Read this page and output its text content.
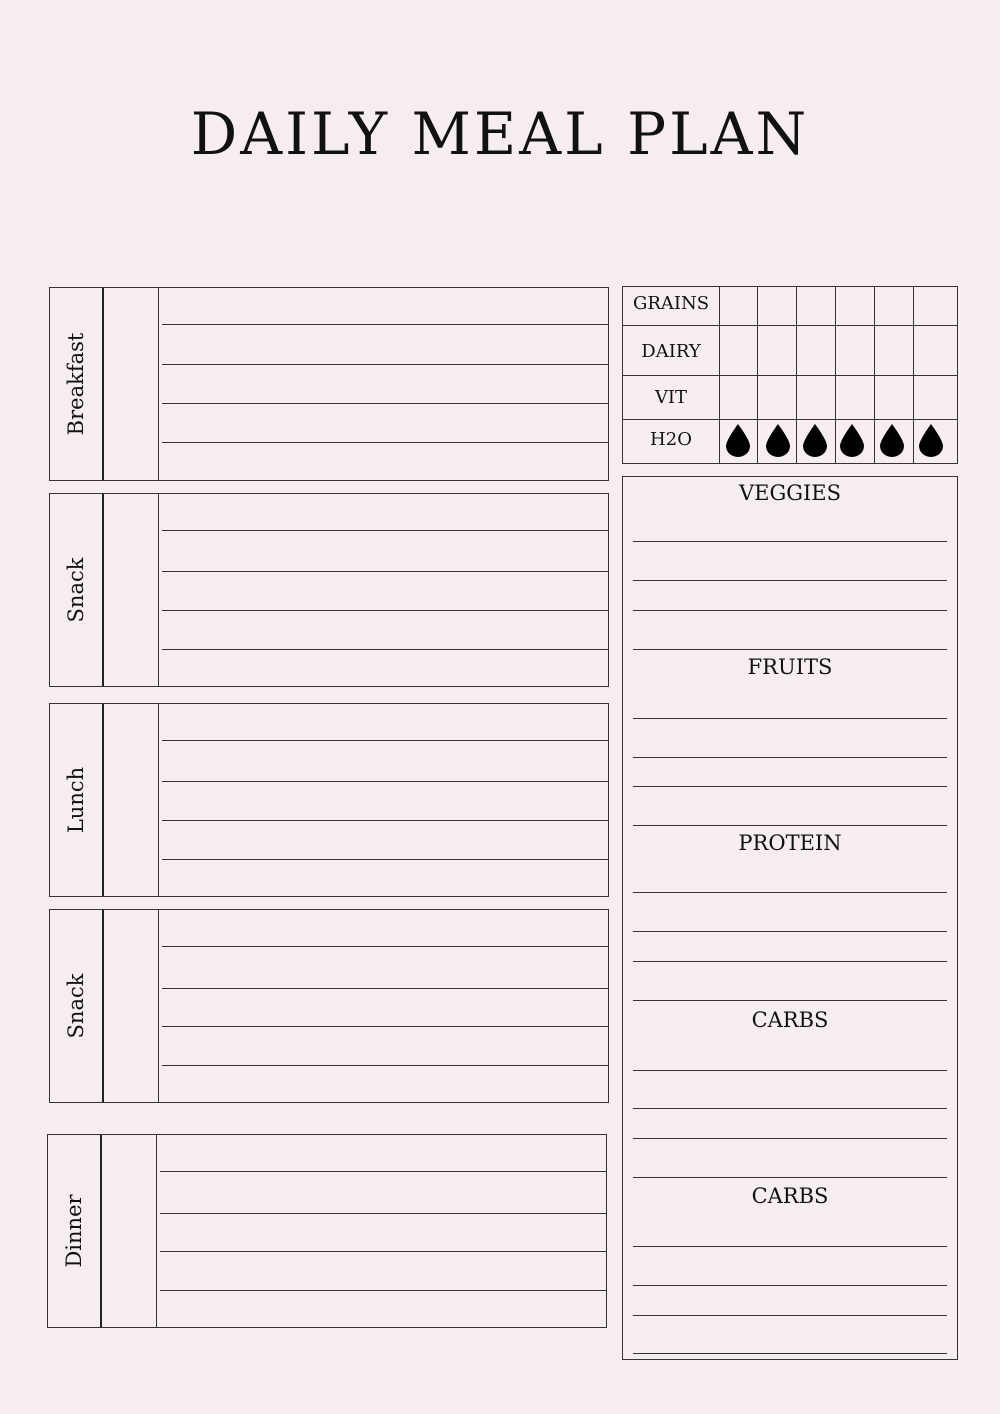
DAILY MEAL PLAN
Breakfast
Snack
Lunch
Snack
Dinner
GRAINS
DAIRY
VIT
H2O
VEGGIES
FRUITS
PROTEIN
CARBS
CARBS
